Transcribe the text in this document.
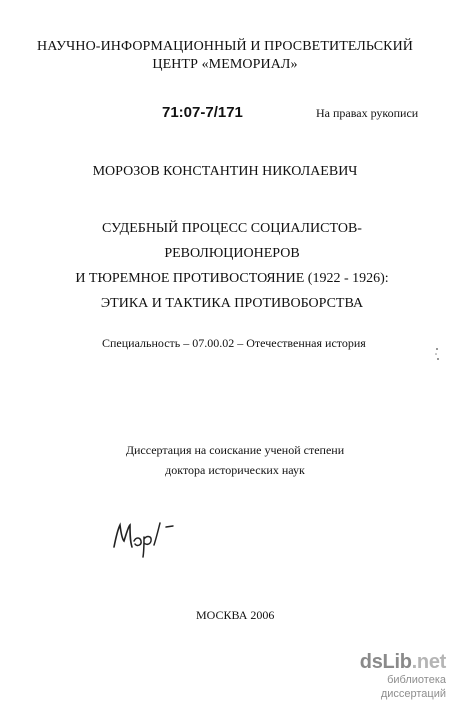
НАУЧНО-ИНФОРМАЦИОННЫЙ И ПРОСВЕТИТЕЛЬСКИЙ
ЦЕНТР «МЕМОРИАЛ»
71:07-7/171	На правах рукописи
МОРОЗОВ КОНСТАНТИН НИКОЛАЕВИЧ
СУДЕБНЫЙ ПРОЦЕСС СОЦИАЛИСТОВ-РЕВОЛЮЦИОНЕРОВ
И ТЮРЕМНОЕ ПРОТИВОСТОЯНИЕ (1922 - 1926):
ЭТИКА И ТАКТИКА ПРОТИВОБОРСТВА
Специальность – 07.00.02 – Отечественная история
Диссертация на соискание ученой степени
доктора исторических наук
МОСКВА 2006
dsLib.net
библиотека диссертаций
